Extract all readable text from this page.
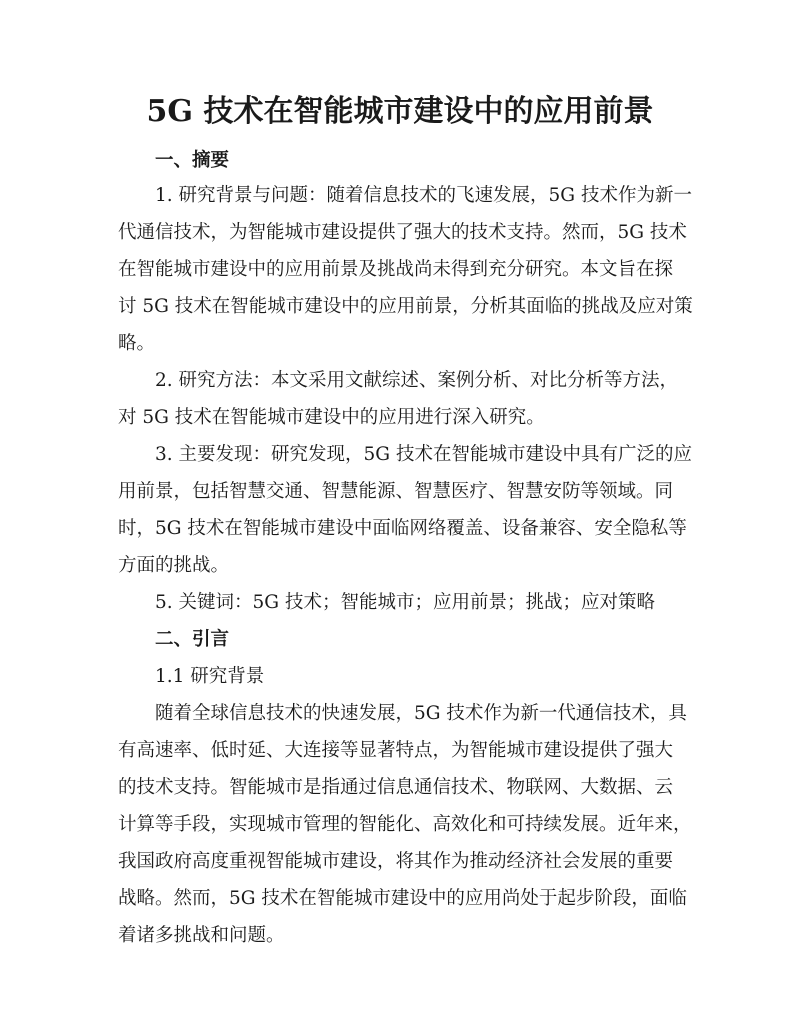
5G 技术在智能城市建设中的应用前景
一、摘要
1. 研究背景与问题：随着信息技术的飞速发展，5G 技术作为新一
代通信技术，为智能城市建设提供了强大的技术支持。然而，5G 技术
在智能城市建设中的应用前景及挑战尚未得到充分研究。本文旨在探
讨 5G 技术在智能城市建设中的应用前景，分析其面临的挑战及应对策
略。
2. 研究方法：本文采用文献综述、案例分析、对比分析等方法，
对 5G 技术在智能城市建设中的应用进行深入研究。
3. 主要发现：研究发现，5G 技术在智能城市建设中具有广泛的应
用前景，包括智慧交通、智慧能源、智慧医疗、智慧安防等领域。同
时，5G 技术在智能城市建设中面临网络覆盖、设备兼容、安全隐私等
方面的挑战。
5. 关键词：5G 技术；智能城市；应用前景；挑战；应对策略
二、引言
1.1 研究背景
随着全球信息技术的快速发展，5G 技术作为新一代通信技术，具
有高速率、低时延、大连接等显著特点，为智能城市建设提供了强大
的技术支持。智能城市是指通过信息通信技术、物联网、大数据、云
计算等手段，实现城市管理的智能化、高效化和可持续发展。近年来，
我国政府高度重视智能城市建设，将其作为推动经济社会发展的重要
战略。然而，5G 技术在智能城市建设中的应用尚处于起步阶段，面临
着诸多挑战和问题。
